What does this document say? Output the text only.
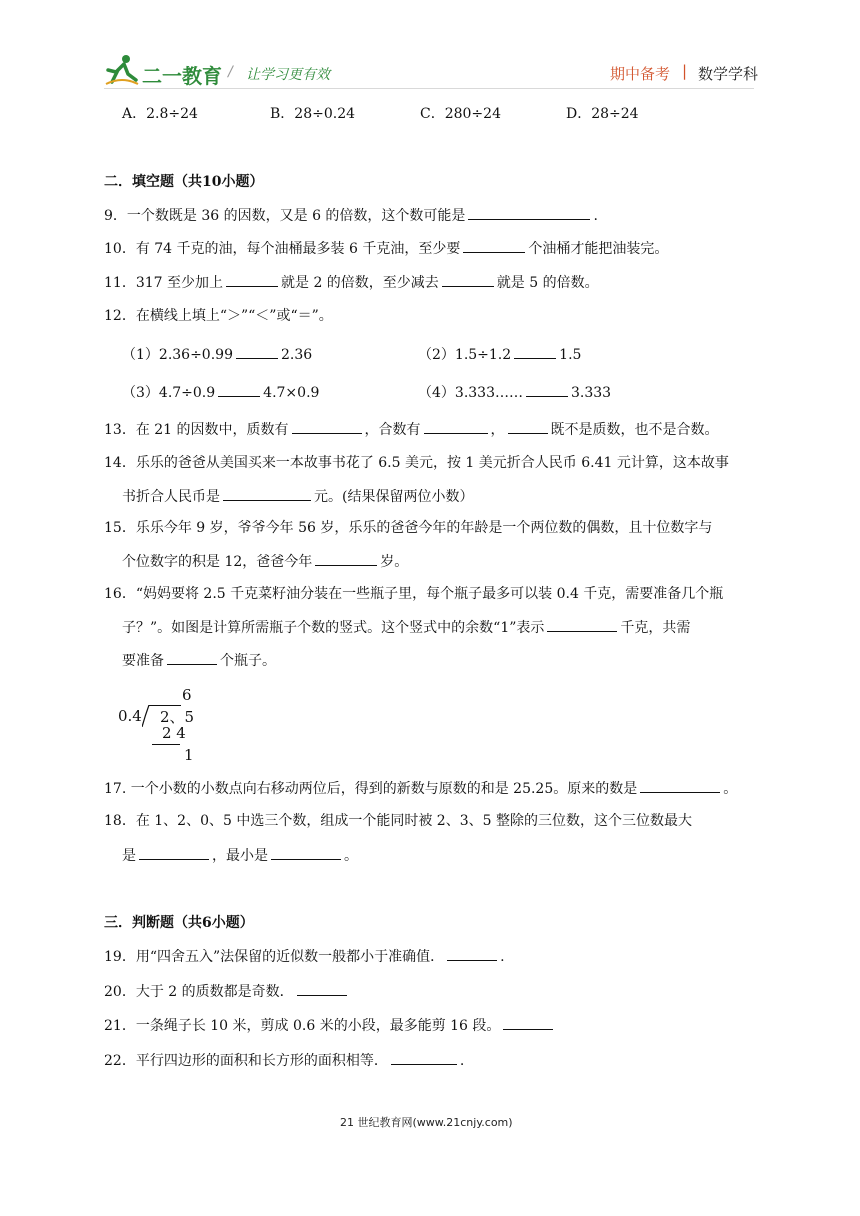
二一教育 / 让学习更有效	期中备考 | 数学学科
A．2.8÷24	B．28÷0.24	C．280÷24	D．28÷24
二．填空题（共10小题）
9．一个数既是 36 的因数，又是 6 的倍数，这个数可能是	.
10．有 74 千克的油，每个油桶最多装 6 千克油，至少要	个油桶才能把油装完。
11．317 至少加上	就是 2 的倍数，至少减去	就是 5 的倍数。
12．在横线上填上“＞”“＜”或“＝”。
（1）2.36÷0.99	2.36	（2）1.5÷1.2	1.5
（3）4.7÷0.9	4.7×0.9	（4）3.333……	3.333
13．在 21 的因数中，质数有	，合数有	，	既不是质数，也不是合数。
14．乐乐的爸爸从美国买来一本故事书花了 6.5 美元，按 1 美元折合人民币 6.41 元计算，这本故事
书折合人民币是	元。(结果保留两位小数）
15．乐乐今年 9 岁，爷爷今年 56 岁，乐乐的爸爸今年的年龄是一个两位数的偶数，且十位数字与
个位数字的积是 12，爸爸今年	岁。
16．“妈妈要将 2.5 千克菜籽油分装在一些瓶子里，每个瓶子最多可以装 0.4 千克，需要准备几个瓶
子？”。如图是计算所需瓶子个数的竖式。这个竖式中的余数“1”表示	千克，共需
要准备	个瓶子。
6
0.4 2、5
2 4
1
17. 一个小数的小数点向右移动两位后，得到的新数与原数的和是 25.25。原来的数是	。
18．在 1、2、0、5 中选三个数，组成一个能同时被 2、3、5 整除的三位数，这个三位数最大
是	，最小是	。
三．判断题（共6小题）
19．用“四舍五入”法保留的近似数一般都小于准确值．	.
20．大于 2 的质数都是奇数．
21．一条绳子长 10 米，剪成 0.6 米的小段，最多能剪 16 段。
22．平行四边形的面积和长方形的面积相等．	.
21 世纪教育网(www.21cnjy.com)
